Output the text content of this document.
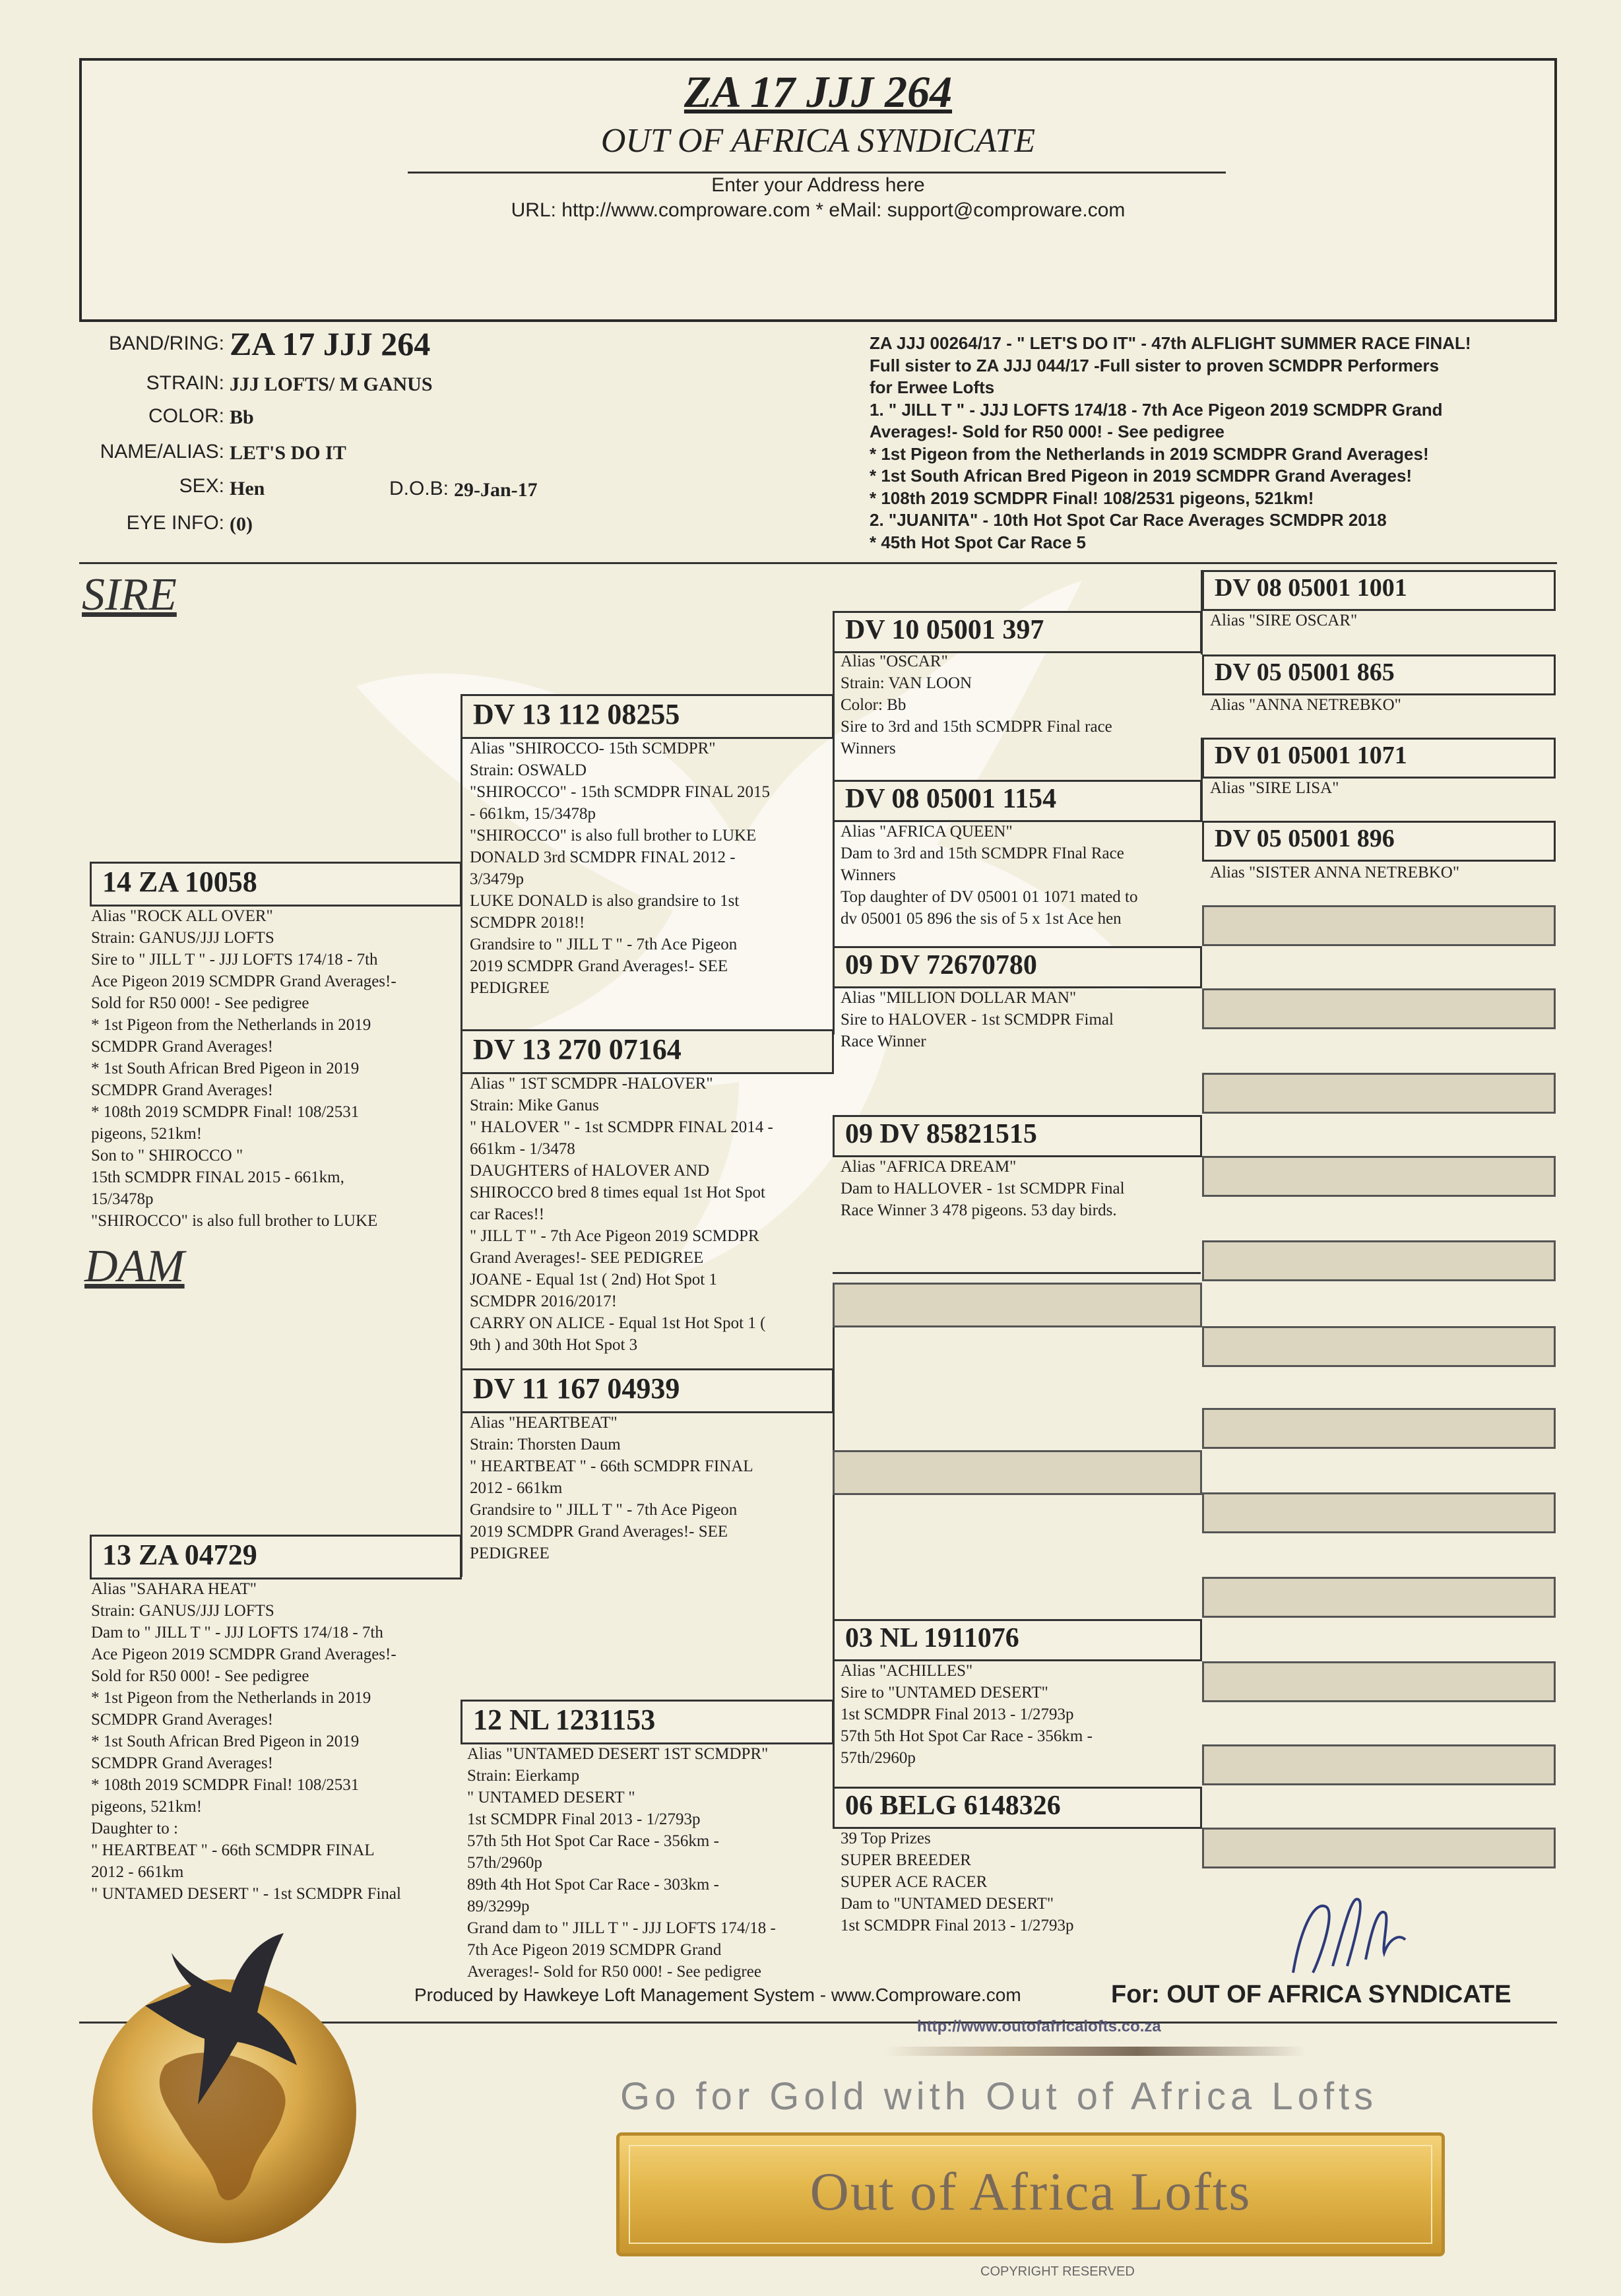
ZA 17 JJJ 264
OUT OF AFRICA SYNDICATE
Enter your Address here
URL: http://www.comproware.com * eMail: support@comproware.com
BAND/RING: ZA 17 JJJ 264
STRAIN: JJJ LOFTS/ M GANUS
COLOR: Bb
NAME/ALIAS: LET'S DO IT
SEX: Hen	D.O.B: 29-Jan-17
EYE INFO: (0)
ZA JJJ 00264/17 - " LET'S DO IT" - 47th ALFLIGHT SUMMER RACE FINAL!
Full sister to ZA JJJ 044/17 -Full sister to proven SCMDPR Performers
for Erwee Lofts
1. " JILL T " - JJJ LOFTS 174/18 - 7th Ace Pigeon 2019 SCMDPR Grand
Averages!- Sold for R50 000! - See pedigree
* 1st Pigeon from the Netherlands in 2019 SCMDPR Grand Averages!
* 1st South African Bred Pigeon in 2019 SCMDPR Grand Averages!
* 108th 2019 SCMDPR Final! 108/2531 pigeons, 521km!
2. "JUANITA" - 10th Hot Spot Car Race Averages SCMDPR 2018
* 45th Hot Spot Car Race 5
SIRE
DAM
14 ZA 10058
Alias "ROCK ALL OVER"
Strain: GANUS/JJJ LOFTS
Sire to " JILL T " - JJJ LOFTS 174/18 - 7th
Ace Pigeon 2019 SCMDPR Grand Averages!-
Sold for R50 000! - See pedigree
* 1st Pigeon from the Netherlands in 2019
SCMDPR Grand Averages!
* 1st South African Bred Pigeon in 2019
SCMDPR Grand Averages!
* 108th 2019 SCMDPR Final! 108/2531
pigeons, 521km!
Son to " SHIROCCO "
15th SCMDPR FINAL 2015 - 661km,
15/3478p
"SHIROCCO" is also full brother to LUKE
13 ZA 04729
Alias "SAHARA HEAT"
Strain: GANUS/JJJ LOFTS
Dam to " JILL T " - JJJ LOFTS 174/18 - 7th
Ace Pigeon 2019 SCMDPR Grand Averages!-
Sold for R50 000! - See pedigree
* 1st Pigeon from the Netherlands in 2019
SCMDPR Grand Averages!
* 1st South African Bred Pigeon in 2019
SCMDPR Grand Averages!
* 108th 2019 SCMDPR Final! 108/2531
pigeons, 521km!
Daughter to :
" HEARTBEAT " - 66th SCMDPR FINAL
2012 - 661km
" UNTAMED DESERT " - 1st SCMDPR Final
DV 13 112 08255
Alias "SHIROCCO- 15th SCMDPR"
Strain: OSWALD
"SHIROCCO" - 15th SCMDPR FINAL 2015
- 661km, 15/3478p
"SHIROCCO" is also full brother to LUKE
DONALD 3rd SCMDPR FINAL 2012 -
3/3479p
LUKE DONALD is also grandsire to 1st
SCMDPR 2018!!
Grandsire to " JILL T " - 7th Ace Pigeon
2019 SCMDPR Grand Averages!- SEE
PEDIGREE
DV 13 270 07164
Alias " 1ST SCMDPR -HALOVER"
Strain: Mike Ganus
" HALOVER " - 1st SCMDPR FINAL 2014 -
661km - 1/3478
DAUGHTERS of HALOVER AND
SHIROCCO bred 8 times equal 1st Hot Spot
car Races!!
" JILL T " - 7th Ace Pigeon 2019 SCMDPR
Grand Averages!- SEE PEDIGREE
JOANE - Equal 1st ( 2nd) Hot Spot 1
SCMDPR 2016/2017!
CARRY ON ALICE - Equal 1st Hot Spot 1 (
9th ) and 30th Hot Spot 3
DV 11 167 04939
Alias "HEARTBEAT"
Strain: Thorsten Daum
" HEARTBEAT " - 66th SCMDPR FINAL
2012 - 661km
Grandsire to " JILL T " - 7th Ace Pigeon
2019 SCMDPR Grand Averages!- SEE
PEDIGREE
12 NL 1231153
Alias "UNTAMED DESERT 1ST SCMDPR"
Strain: Eierkamp
" UNTAMED DESERT "
1st SCMDPR Final 2013 - 1/2793p
57th 5th Hot Spot Car Race - 356km -
57th/2960p
89th 4th Hot Spot Car Race - 303km -
89/3299p
Grand dam to " JILL T " - JJJ LOFTS 174/18 -
7th Ace Pigeon 2019 SCMDPR Grand
Averages!- Sold for R50 000! - See pedigree
DV 10 05001 397
Alias "OSCAR"
Strain: VAN LOON
Color: Bb
Sire to 3rd and 15th SCMDPR Final race
Winners
DV 08 05001 1154
Alias "AFRICA QUEEN"
Dam to 3rd and 15th SCMDPR FInal Race
Winners
Top daughter of DV 05001 01 1071 mated to
dv 05001 05 896 the sis of 5 x 1st Ace hen
09 DV 72670780
Alias "MILLION DOLLAR MAN"
Sire to HALOVER - 1st SCMDPR Fimal
Race Winner
09 DV 85821515
Alias "AFRICA DREAM"
Dam to HALLOVER - 1st SCMDPR Final
Race Winner 3 478 pigeons. 53 day birds.
03 NL 1911076
Alias "ACHILLES"
Sire to "UNTAMED DESERT"
1st SCMDPR Final 2013 - 1/2793p
57th 5th Hot Spot Car Race - 356km -
57th/2960p
06 BELG 6148326
39 Top Prizes
SUPER BREEDER
SUPER ACE RACER
Dam to "UNTAMED DESERT"
1st SCMDPR Final 2013 - 1/2793p
DV 08 05001 1001
Alias "SIRE OSCAR"
DV 05 05001 865
Alias "ANNA NETREBKO"
DV 01 05001 1071
Alias "SIRE LISA"
DV 05 05001 896
Alias "SISTER ANNA NETREBKO"
Produced by Hawkeye Loft Management System - www.Comproware.com	For: OUT OF AFRICA SYNDICATE
http://www.outofafricalofts.co.za
Go for Gold with Out of Africa Lofts
Out of Africa Lofts
COPYRIGHT RESERVED
